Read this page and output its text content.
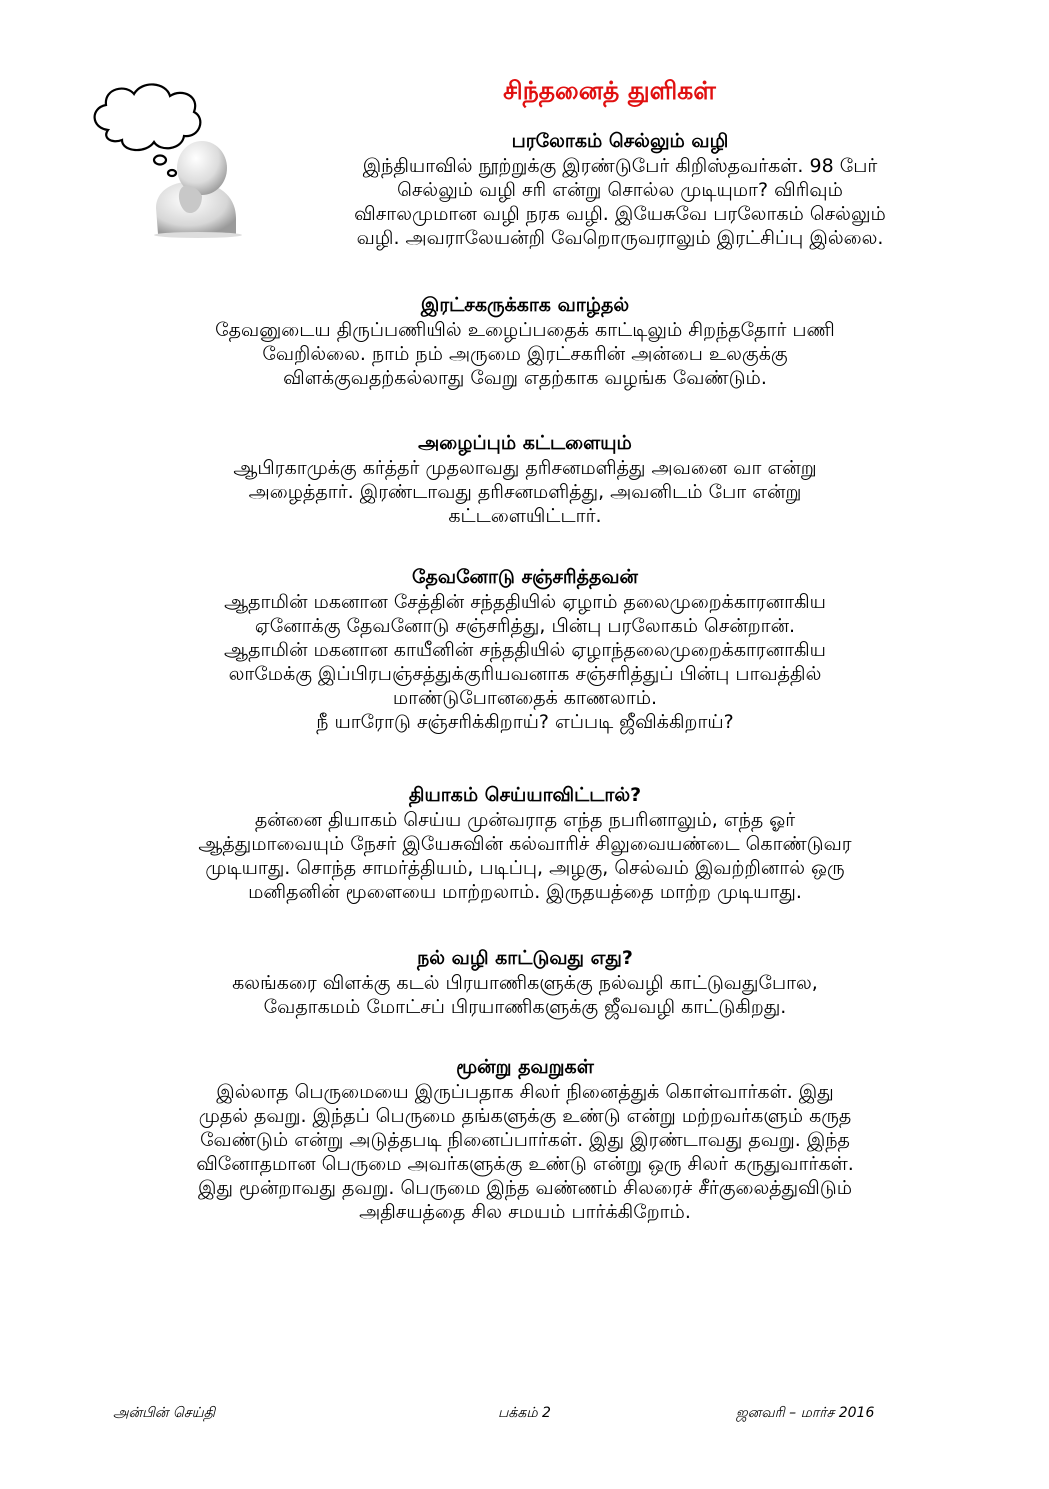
சிந்தனைத் துளிகள்

பரலோகம் செல்லும் வழி

இந்தியாவில் நூற்றுக்கு இரண்டுபேர் கிறிஸ்தவர்கள். 98 பேர்

செல்லும் வழி சரி என்று சொல்ல முடியுமா? விரிவும்

விசாலமுமான வழி நரக வழி. இயேசுவே பரலோகம் செல்லும்

வழி. அவராலேயன்றி வேறொருவராலும் இரட்சிப்பு இல்லை.

இரட்சகருக்காக வாழ்தல்

தேவனுடைய திருப்பணியில் உழைப்பதைக் காட்டிலும் சிறந்ததோர் பணி

வேறில்லை. நாம் நம் அருமை இரட்சகரின் அன்பை உலகுக்கு

விளக்குவதற்கல்லாது வேறு எதற்காக வழங்க வேண்டும்.

அழைப்பும் கட்டளையும்

ஆபிரகாமுக்கு கர்த்தர் முதலாவது தரிசனமளித்து அவனை வா என்று

அழைத்தார். இரண்டாவது தரிசனமளித்து, அவனிடம் போ என்று

கட்டளையிட்டார்.

தேவனோடு சஞ்சரித்தவன்

ஆதாமின் மகனான சேத்தின் சந்ததியில் ஏழாம் தலைமுறைக்காரனாகிய

ஏனோக்கு தேவனோடு சஞ்சரித்து, பின்பு பரலோகம் சென்றான்.

ஆதாமின் மகனான காயீனின் சந்ததியில் ஏழாந்தலைமுறைக்காரனாகிய

லாமேக்கு இப்பிரபஞ்சத்துக்குரியவனாக சஞ்சரித்துப் பின்பு பாவத்தில்

மாண்டுபோனதைக் காணலாம்.

நீ யாரோடு சஞ்சரிக்கிறாய்? எப்படி ஜீவிக்கிறாய்?

தியாகம் செய்யாவிட்டால்?

தன்னை தியாகம் செய்ய முன்வராத எந்த நபரினாலும், எந்த ஓர்

ஆத்துமாவையும் நேசர் இயேசுவின் கல்வாரிச் சிலுவையண்டை கொண்டுவர

முடியாது. சொந்த சாமர்த்தியம், படிப்பு, அழகு, செல்வம் இவற்றினால் ஒரு

மனிதனின் மூளையை மாற்றலாம். இருதயத்தை மாற்ற முடியாது.

நல் வழி காட்டுவது எது?

கலங்கரை விளக்கு கடல் பிரயாணிகளுக்கு நல்வழி காட்டுவதுபோல,

வேதாகமம் மோட்சப் பிரயாணிகளுக்கு ஜீவவழி காட்டுகிறது.

மூன்று தவறுகள்

இல்லாத பெருமையை இருப்பதாக சிலர் நினைத்துக் கொள்வார்கள். இது

முதல் தவறு. இந்தப் பெருமை தங்களுக்கு உண்டு என்று மற்றவர்களும் கருத

வேண்டும் என்று அடுத்தபடி நினைப்பார்கள். இது இரண்டாவது தவறு. இந்த

வினோதமான பெருமை அவர்களுக்கு உண்டு என்று ஒரு சிலர் கருதுவார்கள்.

இது மூன்றாவது தவறு. பெருமை இந்த வண்ணம் சிலரைச் சீர்குலைத்துவிடும்

அதிசயத்தை சில சமயம் பார்க்கிறோம்.

அன்பின் செய்தி	பக்கம் 2	ஜனவரி – மார்ச 2016
